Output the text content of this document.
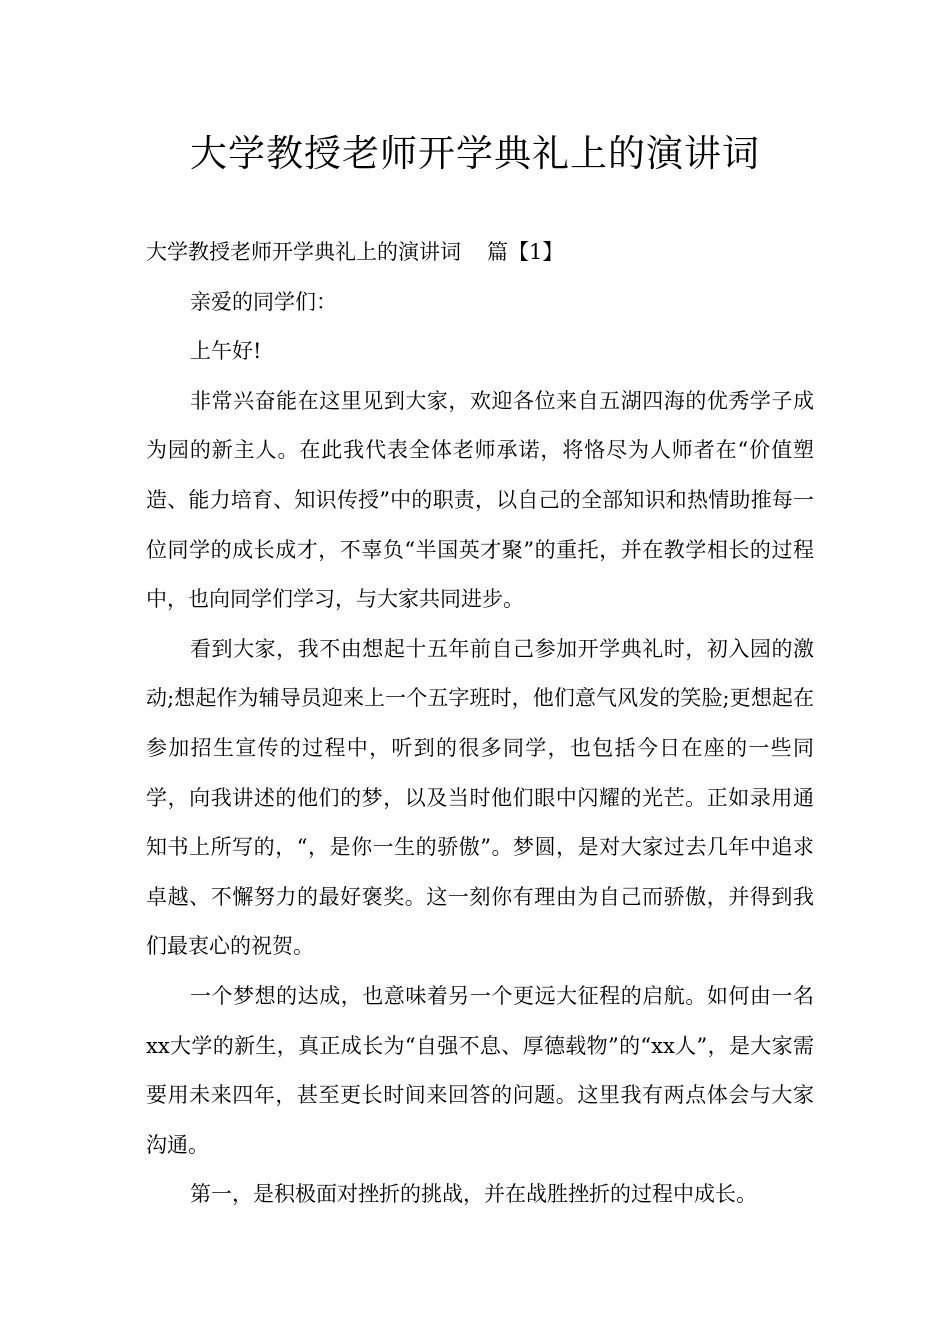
大学教授老师开学典礼上的演讲词

大学教授老师开学典礼上的演讲词 篇【1】

亲爱的同学们：

上午好!

非常兴奋能在这里见到大家，欢迎各位来自五湖四海的优秀学子成为园的新主人。在此我代表全体老师承诺，将恪尽为人师者在“价值塑造、能力培育、知识传授”中的职责，以自己的全部知识和热情助推每一位同学的成长成才，不辜负“半国英才聚”的重托，并在教学相长的过程中，也向同学们学习，与大家共同进步。

看到大家，我不由想起十五年前自己参加开学典礼时，初入园的激动;想起作为辅导员迎来上一个五字班时，他们意气风发的笑脸;更想起在参加招生宣传的过程中，听到的很多同学，也包括今日在座的一些同学，向我讲述的他们的梦，以及当时他们眼中闪耀的光芒。正如录用通知书上所写的，“，是你一生的骄傲”。梦圆，是对大家过去几年中追求卓越、不懈努力的最好褒奖。这一刻你有理由为自己而骄傲，并得到我们最衷心的祝贺。

一个梦想的达成，也意味着另一个更远大征程的启航。如何由一名xx大学的新生，真正成长为“自强不息、厚德载物”的“xx人”，是大家需要用未来四年，甚至更长时间来回答的问题。这里我有两点体会与大家沟通。

第一，是积极面对挫折的挑战，并在战胜挫折的过程中成长。
